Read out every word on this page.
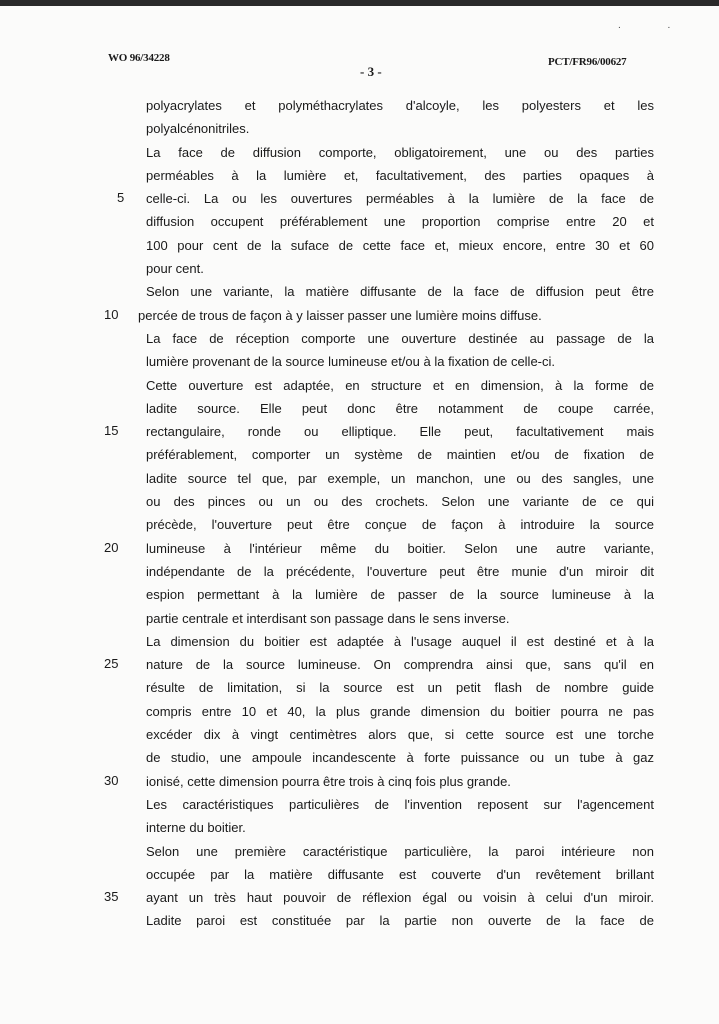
. .
WO 96/34228
- 3 -
PCT/FR96/00627
polyacrylates et polyméthacrylates d'alcoyle, les polyesters et les
polyalcénonitriles.
La face de diffusion comporte, obligatoirement, une ou des parties
perméables à la lumière et, facultativement, des parties opaques à
celle-ci. La ou les ouvertures perméables à la lumière de la face de
diffusion occupent préférablement une proportion comprise entre 20 et
100 pour cent de la suface de cette face et, mieux encore, entre 30 et 60
pour cent.
Selon une variante, la matière diffusante de la face de diffusion peut être
percée de trous de façon à y laisser passer une lumière moins diffuse.
La face de réception comporte une ouverture destinée au passage de la
lumière provenant de la source lumineuse et/ou à la fixation de celle-ci.
Cette ouverture est adaptée, en structure et en dimension, à la forme de
ladite source. Elle peut donc être notamment de coupe carrée,
rectangulaire, ronde ou elliptique. Elle peut, facultativement mais
préférablement, comporter un système de maintien et/ou de fixation de
ladite source tel que, par exemple, un manchon, une ou des sangles, une
ou des pinces ou un ou des crochets. Selon une variante de ce qui
précède, l'ouverture peut être conçue de façon à introduire la source
lumineuse à l'intérieur même du boitier. Selon une autre variante,
indépendante de la précédente, l'ouverture peut être munie d'un miroir dit
espion permettant à la lumière de passer de la source lumineuse à la
partie centrale et interdisant son passage dans le sens inverse.
La dimension du boitier est adaptée à l'usage auquel il est destiné et à la
nature de la source lumineuse. On comprendra ainsi que, sans qu'il en
résulte de limitation, si la source est un petit flash de nombre guide
compris entre 10 et 40, la plus grande dimension du boitier pourra ne pas
excéder dix à vingt centimètres alors que, si cette source est une torche
de studio, une ampoule incandescente à forte puissance ou un tube à gaz
ionisé, cette dimension pourra être trois à cinq fois plus grande.
Les caractéristiques particulières de l'invention reposent sur l'agencement
interne du boitier.
Selon une première caractéristique particulière, la paroi intérieure non
occupée par la matière diffusante est couverte d'un revêtement brillant
ayant un très haut pouvoir de réflexion égal ou voisin à celui d'un miroir.
Ladite paroi est constituée par la partie non ouverte de la face de
5
10
15
20
25
30
35
